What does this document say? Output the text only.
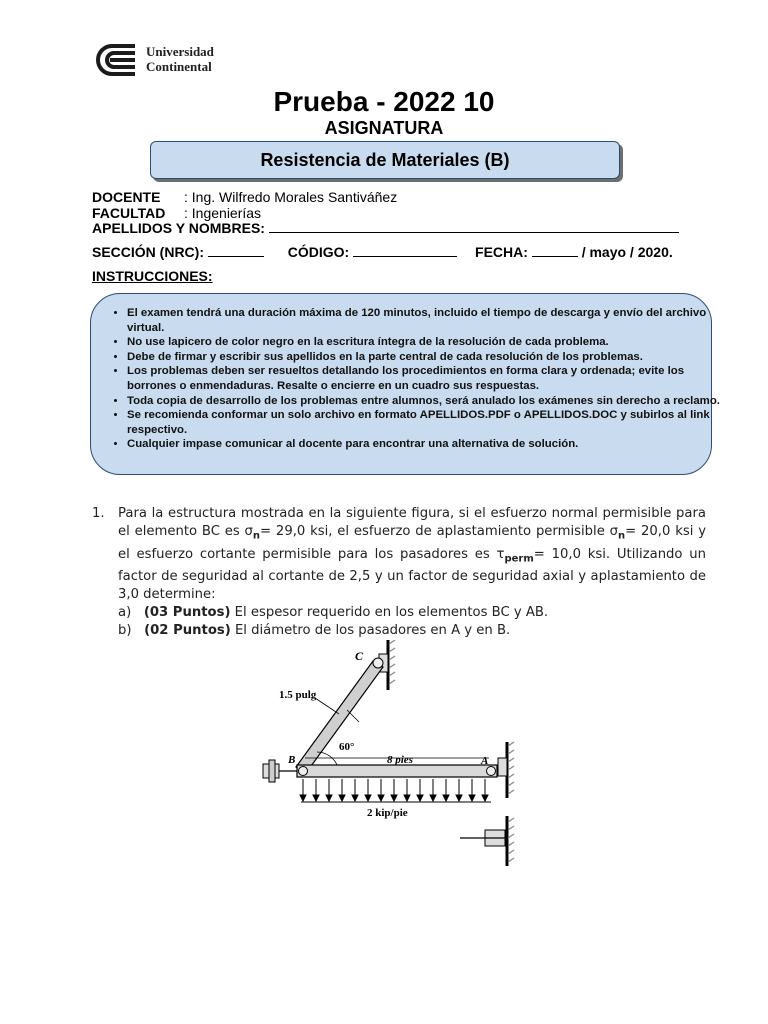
Universidad
Continental
Prueba - 2022 10
ASIGNATURA
Resistencia de Materiales (B)
DOCENTE : Ing. Wilfredo Morales Santiváñez
FACULTAD : Ingenierías
APELLIDOS Y NOMBRES:
SECCIÓN (NRC):	CÓDIGO:	FECHA:	/ mayo / 2020.
INSTRUCCIONES:
• El examen tendrá una duración máxima de 120 minutos, incluido el tiempo de descarga y envío del archivo virtual.
• No use lapicero de color negro en la escritura íntegra de la resolución de cada problema.
• Debe de firmar y escribir sus apellidos en la parte central de cada resolución de los problemas.
• Los problemas deben ser resueltos detallando los procedimientos en forma clara y ordenada; evite los borrones o enmendaduras. Resalte o encierre en un cuadro sus respuestas.
• Toda copia de desarrollo de los problemas entre alumnos, será anulado los exámenes sin derecho a reclamo.
• Se recomienda conformar un solo archivo en formato APELLIDOS.PDF o APELLIDOS.DOC y subirlos al link respectivo.
• Cualquier impase comunicar al docente para encontrar una alternativa de solución.
1. Para la estructura mostrada en la siguiente figura, si el esfuerzo normal permisible para el elemento BC es $\sigma_n= 29,0$ ksi, el esfuerzo de aplastamiento permisible $\sigma_n= 20,0$ ksi y el esfuerzo cortante permisible para los pasadores es $\tau_{perm}= 10,0$ ksi. Utilizando un factor de seguridad al cortante de 2,5 y un factor de seguridad axial y aplastamiento de 3,0 determine:
a) (03 Puntos) El espesor requerido en los elementos BC y AB.
b) (02 Puntos) El diámetro de los pasadores en A y en B.
C
B	A
1.5 pulg
60°
8 pies
2 kip/pie
